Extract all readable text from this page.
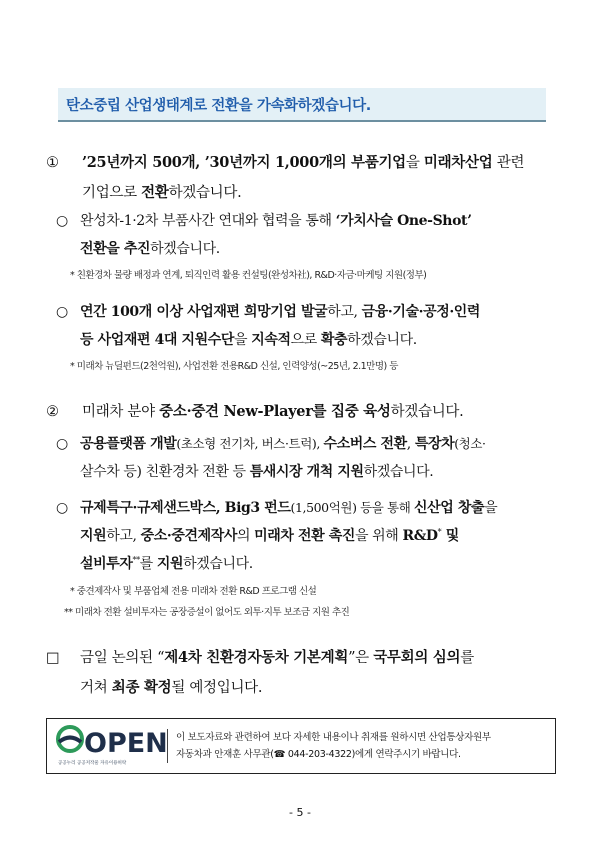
탄소중립 산업생태계로 전환을 가속화하겠습니다.
① ’25년까지 500개, ’30년까지 1,000개의 부품기업을 미래차산업 관련
기업으로 전환하겠습니다.
○ 완성차-1·2차 부품사간 연대와 협력을 통해 ‘가치사슬 One-Shot’
전환을 추진하겠습니다.
* 친환경차 물량 배정과 연계, 퇴직인력 활용 컨설팅(완성차社), R&D·자금·마케팅 지원(정부)
○ 연간 100개 이상 사업재편 희망기업 발굴하고, 금융·기술·공정·인력
등 사업재편 4대 지원수단을 지속적으로 확충하겠습니다.
* 미래차 뉴딜펀드(2천억원), 사업전환 전용R&D 신설, 인력양성(~25년, 2.1만명) 등
② 미래차 분야 중소·중견 New-Player를 집중 육성하겠습니다.
○ 공용플랫폼 개발(초소형 전기차, 버스·트럭), 수소버스 전환, 특장차(청소·
살수차 등) 친환경차 전환 등 틈새시장 개척 지원하겠습니다.
○ 규제특구·규제샌드박스, Big3 펀드(1,500억원) 등을 통해 신산업 창출을
지원하고, 중소·중견제작사의 미래차 전환 촉진을 위해 R&D* 및
설비투자**를 지원하겠습니다.
* 중견제작사 및 부품업체 전용 미래차 전환 R&D 프로그램 신설
** 미래차 전환 설비투자는 공장증설이 없어도 외투·지투 보조금 지원 추진
□ 금일 논의된 “제4차 친환경자동차 기본계획”은 국무회의 심의를
거쳐 최종 확정될 예정입니다.
OPEN
공공누리 공공저작물 자유이용허락
이 보도자료와 관련하여 보다 자세한 내용이나 취재를 원하시면 산업통상자원부
자동차과 안재훈 사무관(☎ 044-203-4322)에게 연락주시기 바랍니다.
- 5 -
